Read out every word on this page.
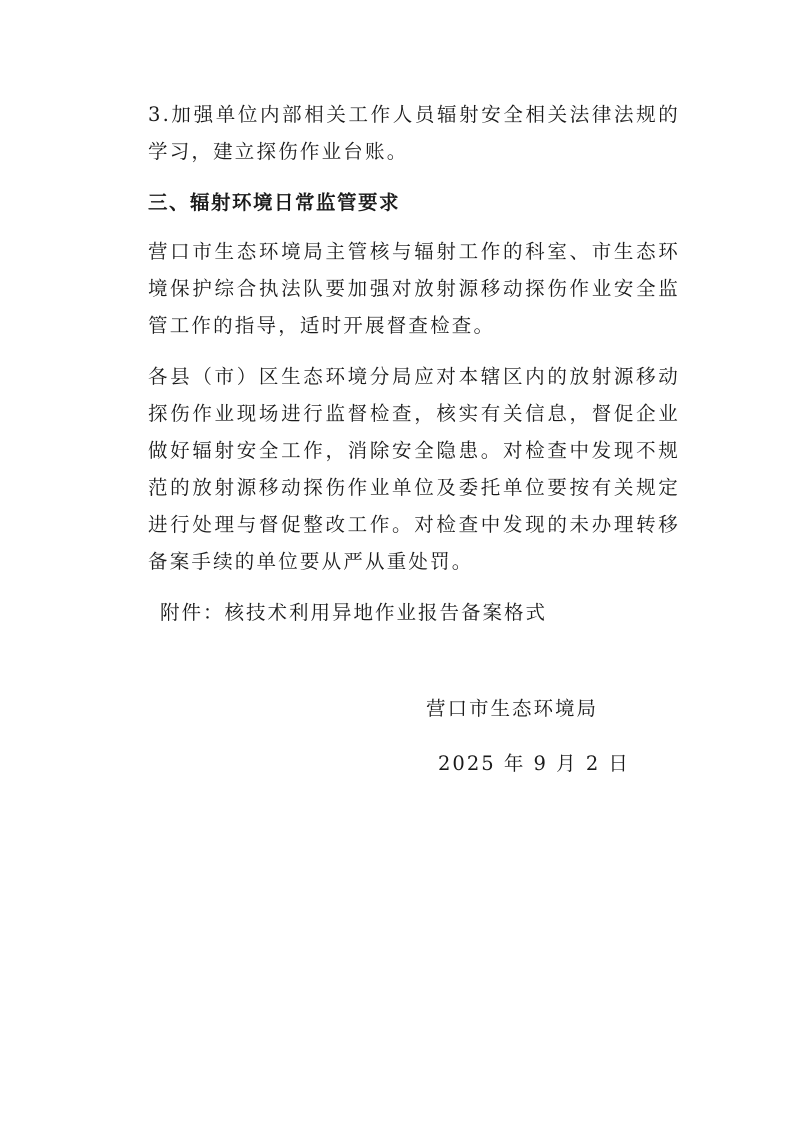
3.加强单位内部相关工作人员辐射安全相关法律法规的学习，建立探伤作业台账。

三、辐射环境日常监管要求

营口市生态环境局主管核与辐射工作的科室、市生态环境保护综合执法队要加强对放射源移动探伤作业安全监管工作的指导，适时开展督查检查。

各县（市）区生态环境分局应对本辖区内的放射源移动探伤作业现场进行监督检查，核实有关信息，督促企业做好辐射安全工作，消除安全隐患。对检查中发现不规范的放射源移动探伤作业单位及委托单位要按有关规定进行处理与督促整改工作。对检查中发现的未办理转移备案手续的单位要从严从重处罚。

附件：核技术利用异地作业报告备案格式

营口市生态环境局
2025 年 9 月 2 日
